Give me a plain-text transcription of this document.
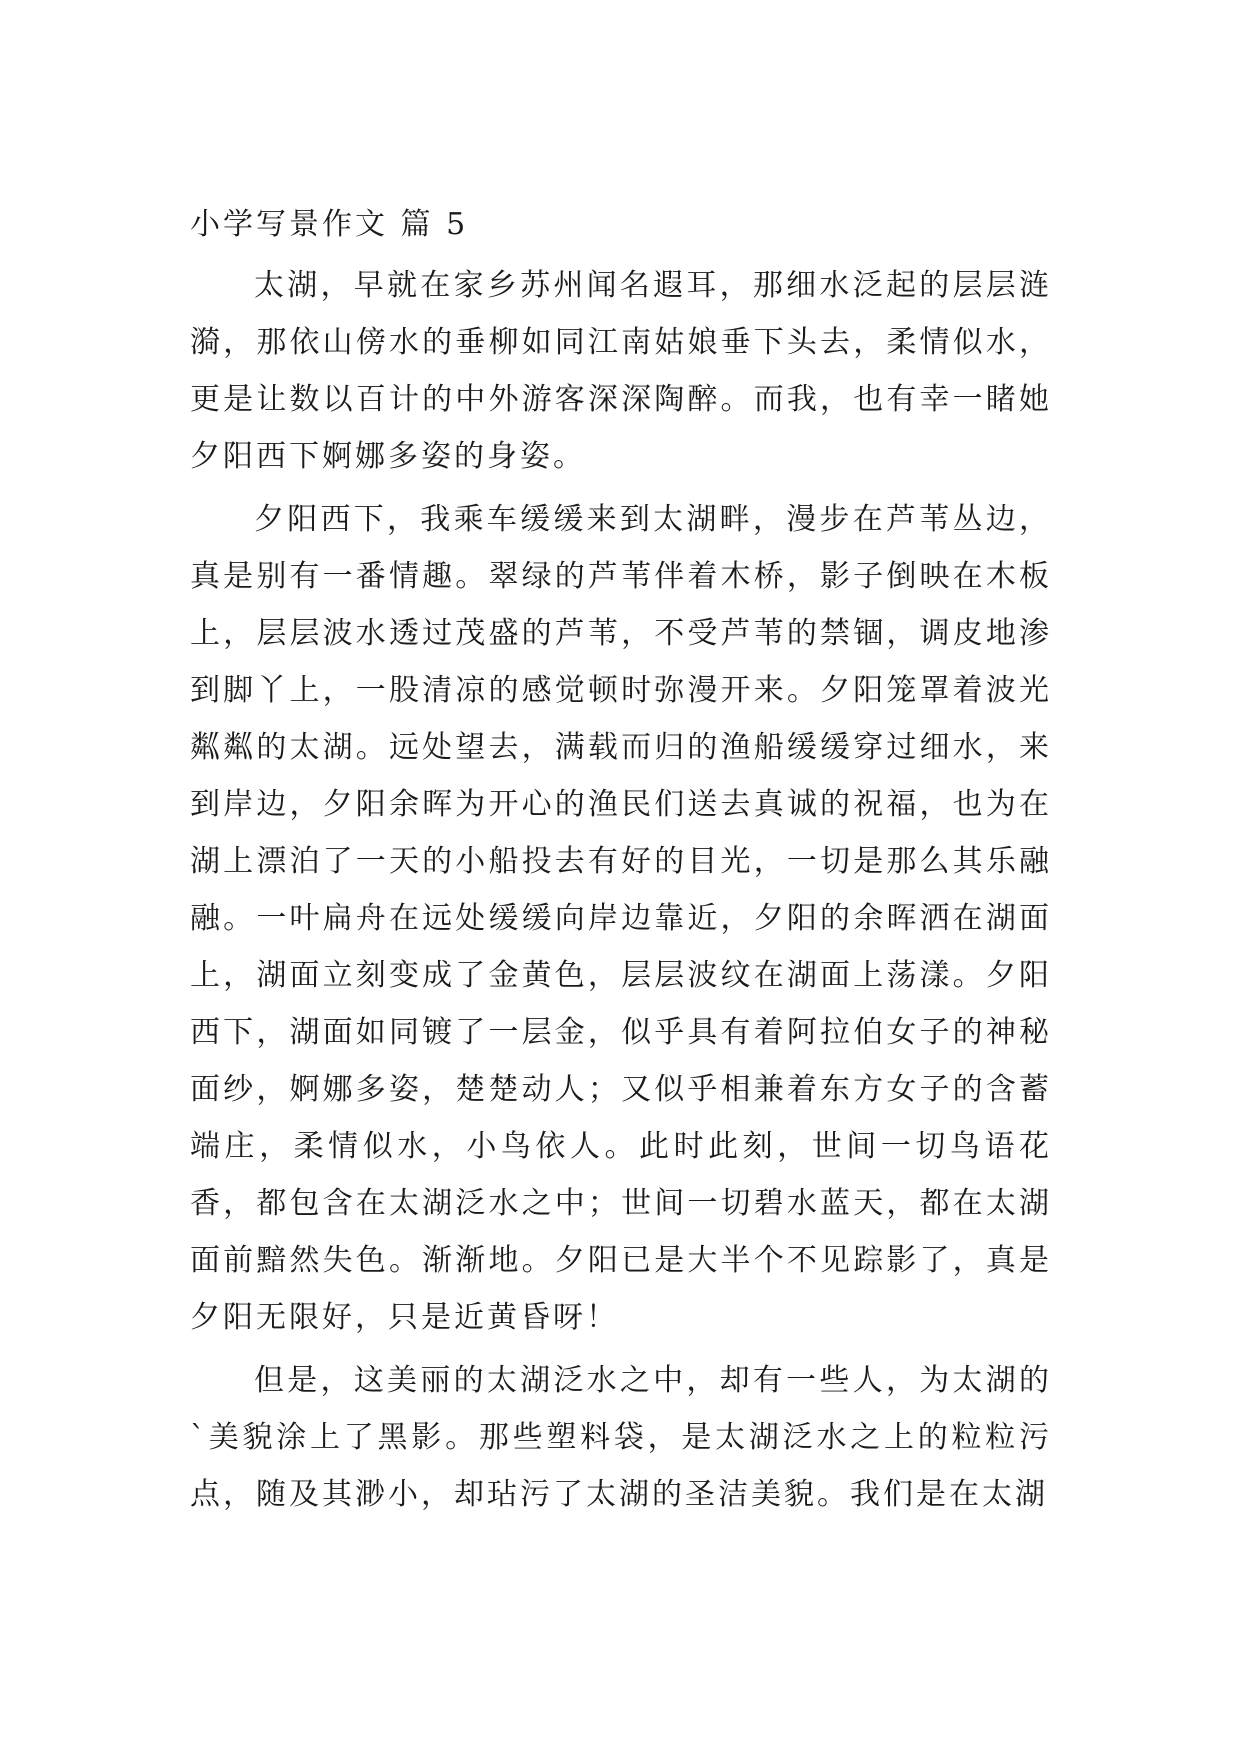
小学写景作文 篇 5

太湖，早就在家乡苏州闻名遐耳，那细水泛起的层层涟漪，那依山傍水的垂柳如同江南姑娘垂下头去，柔情似水，更是让数以百计的中外游客深深陶醉。而我，也有幸一睹她夕阳西下婀娜多姿的身姿。

夕阳西下，我乘车缓缓来到太湖畔，漫步在芦苇丛边，真是别有一番情趣。翠绿的芦苇伴着木桥，影子倒映在木板上，层层波水透过茂盛的芦苇，不受芦苇的禁锢，调皮地渗到脚丫上，一股清凉的感觉顿时弥漫开来。夕阳笼罩着波光粼粼的太湖。远处望去，满载而归的渔船缓缓穿过细水，来到岸边，夕阳余晖为开心的渔民们送去真诚的祝福，也为在湖上漂泊了一天的小船投去有好的目光，一切是那么其乐融融。一叶扁舟在远处缓缓向岸边靠近，夕阳的余晖洒在湖面上，湖面立刻变成了金黄色，层层波纹在湖面上荡漾。夕阳西下，湖面如同镀了一层金，似乎具有着阿拉伯女子的神秘面纱，婀娜多姿，楚楚动人；又似乎相兼着东方女子的含蓄端庄，柔情似水，小鸟依人。此时此刻，世间一切鸟语花香，都包含在太湖泛水之中；世间一切碧水蓝天，都在太湖面前黯然失色。渐渐地。夕阳已是大半个不见踪影了，真是夕阳无限好，只是近黄昏呀！

但是，这美丽的太湖泛水之中，却有一些人，为太湖的`美貌涂上了黑影。那些塑料袋，是太湖泛水之上的粒粒污点，随及其渺小，却玷污了太湖的圣洁美貌。我们是在太湖
